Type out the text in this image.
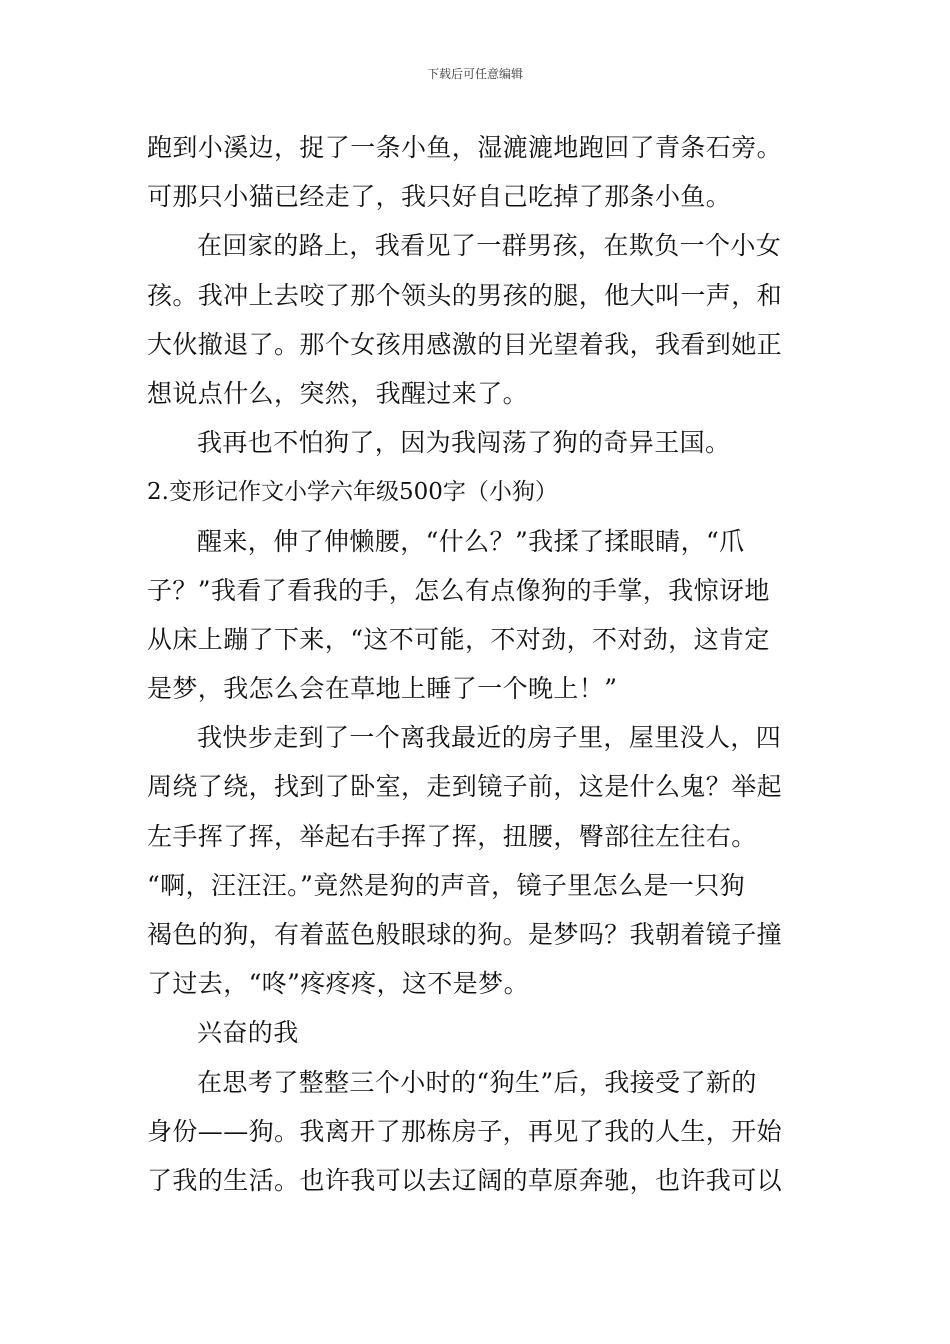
下载后可任意编辑
跑到小溪边，捉了一条小鱼，湿漉漉地跑回了青条石旁。
可那只小猫已经走了，我只好自己吃掉了那条小鱼。
在回家的路上，我看见了一群男孩，在欺负一个小女
孩。我冲上去咬了那个领头的男孩的腿，他大叫一声，和
大伙撤退了。那个女孩用感激的目光望着我，我看到她正
想说点什么，突然，我醒过来了。
我再也不怕狗了，因为我闯荡了狗的奇异王国。
2.变形记作文小学六年级500字（小狗）
醒来，伸了伸懒腰，“什么？”我揉了揉眼睛，“爪
子？”我看了看我的手，怎么有点像狗的手掌，我惊讶地
从床上蹦了下来，“这不可能，不对劲，不对劲，这肯定
是梦，我怎么会在草地上睡了一个晚上！”
我快步走到了一个离我最近的房子里，屋里没人，四
周绕了绕，找到了卧室，走到镜子前，这是什么鬼？举起
左手挥了挥，举起右手挥了挥，扭腰，臀部往左往右。
“啊，汪汪汪。”竟然是狗的声音，镜子里怎么是一只狗
褐色的狗，有着蓝色般眼球的狗。是梦吗？我朝着镜子撞
了过去，“咚”疼疼疼，这不是梦。
兴奋的我
在思考了整整三个小时的“狗生”后，我接受了新的
身份——狗。我离开了那栋房子，再见了我的人生，开始
了我的生活。也许我可以去辽阔的草原奔驰，也许我可以
